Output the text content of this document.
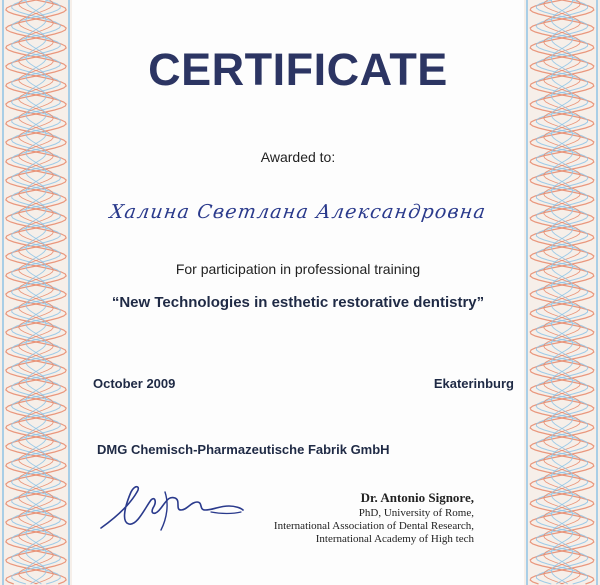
CERTIFICATE
Awarded to:
Халина Светлана Александровна
For participation in professional training
“New Technologies in esthetic restorative dentistry”
October 2009	Ekaterinburg
DMG Chemisch-Pharmazeutische Fabrik GmbH
Dr. Antonio Signore,
PhD, University of Rome,
International Association of Dental Research,
International Academy of High tech
